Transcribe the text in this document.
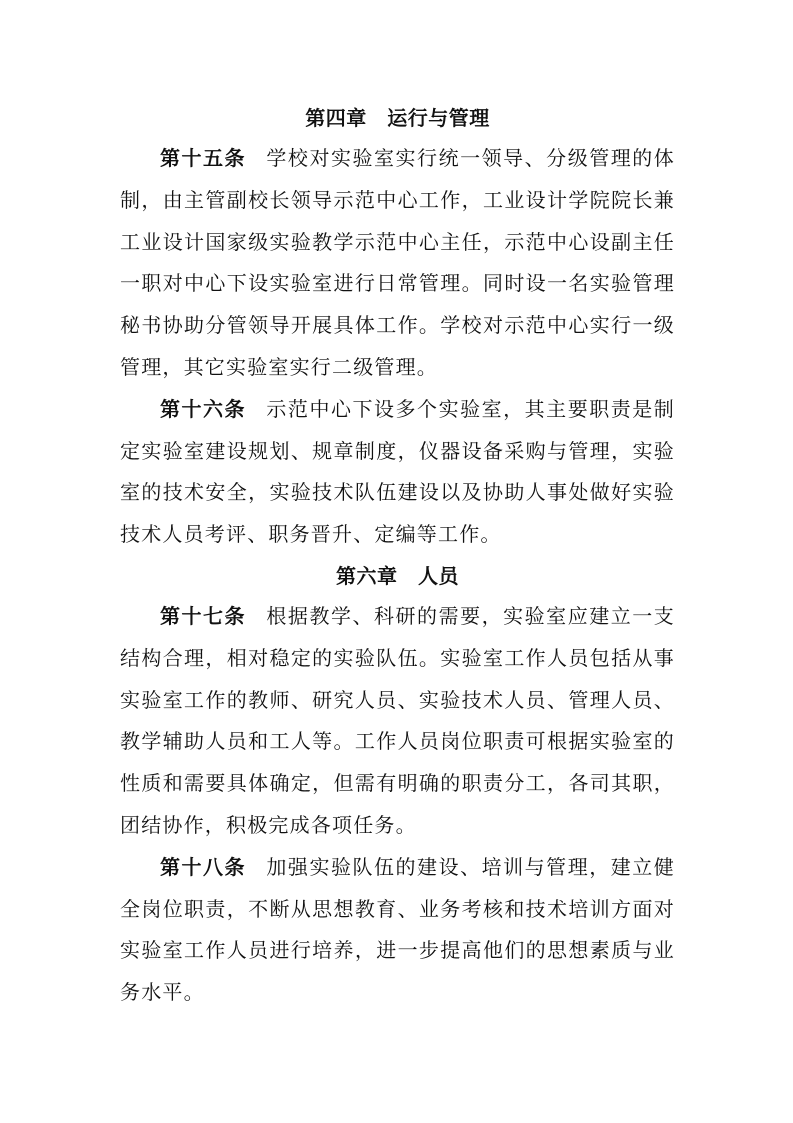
第四章　运行与管理

第十五条 学校对实验室实行统一领导、分级管理的体制，由主管副校长领导示范中心工作，工业设计学院院长兼工业设计国家级实验教学示范中心主任，示范中心设副主任一职对中心下设实验室进行日常管理。同时设一名实验管理秘书协助分管领导开展具体工作。学校对示范中心实行一级管理，其它实验室实行二级管理。

第十六条 示范中心下设多个实验室，其主要职责是制定实验室建设规划、规章制度，仪器设备采购与管理，实验室的技术安全，实验技术队伍建设以及协助人事处做好实验技术人员考评、职务晋升、定编等工作。

第六章　人员

第十七条 根据教学、科研的需要，实验室应建立一支结构合理，相对稳定的实验队伍。实验室工作人员包括从事实验室工作的教师、研究人员、实验技术人员、管理人员、教学辅助人员和工人等。工作人员岗位职责可根据实验室的性质和需要具体确定，但需有明确的职责分工，各司其职，团结协作，积极完成各项任务。

第十八条 加强实验队伍的建设、培训与管理，建立健全岗位职责，不断从思想教育、业务考核和技术培训方面对实验室工作人员进行培养，进一步提高他们的思想素质与业务水平。
